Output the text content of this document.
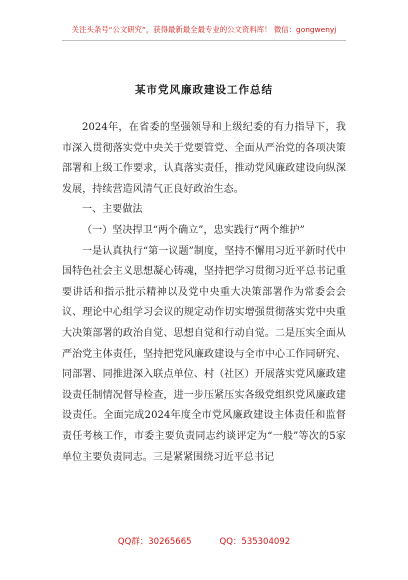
关注头条号“公文研究”，获得最新最全最专业的公文资料库！ 微信：gongwenyj
某市党风廉政建设工作总结

2024年，在省委的坚强领导和上级纪委的有力指导下，我市深入贯彻落实党中央关于党要管党、全面从严治党的各项决策部署和上级工作要求，认真落实责任，推动党风廉政建设向纵深发展，持续营造风清气正良好政治生态。

一、主要做法

（一）坚决捍卫“两个确立”，忠实践行“两个维护”

一是认真执行“第一议题”制度，坚持不懈用习近平新时代中国特色社会主义思想凝心铸魂，坚持把学习贯彻习近平总书记重要讲话和指示批示精神以及党中央重大决策部署作为常委会会议、理论中心组学习会议的规定动作切实增强贯彻落实党中央重大决策部署的政治自觉、思想自觉和行动自觉。二是压实全面从严治党主体责任，坚持把党风廉政建设与全市中心工作同研究、同部署、同推进深入联点单位、村（社区）开展落实党风廉政建设责任制情况督导检查，进一步压紧压实各级党组织党风廉政建设责任。全面完成2024年度全市党风廉政建设主体责任和监督责任考核工作，市委主要负责同志约谈评定为“一般”等次的5家单位主要负责同志。三是紧紧围绕习近平总书记

QQ群：30265665	QQ：535304092
